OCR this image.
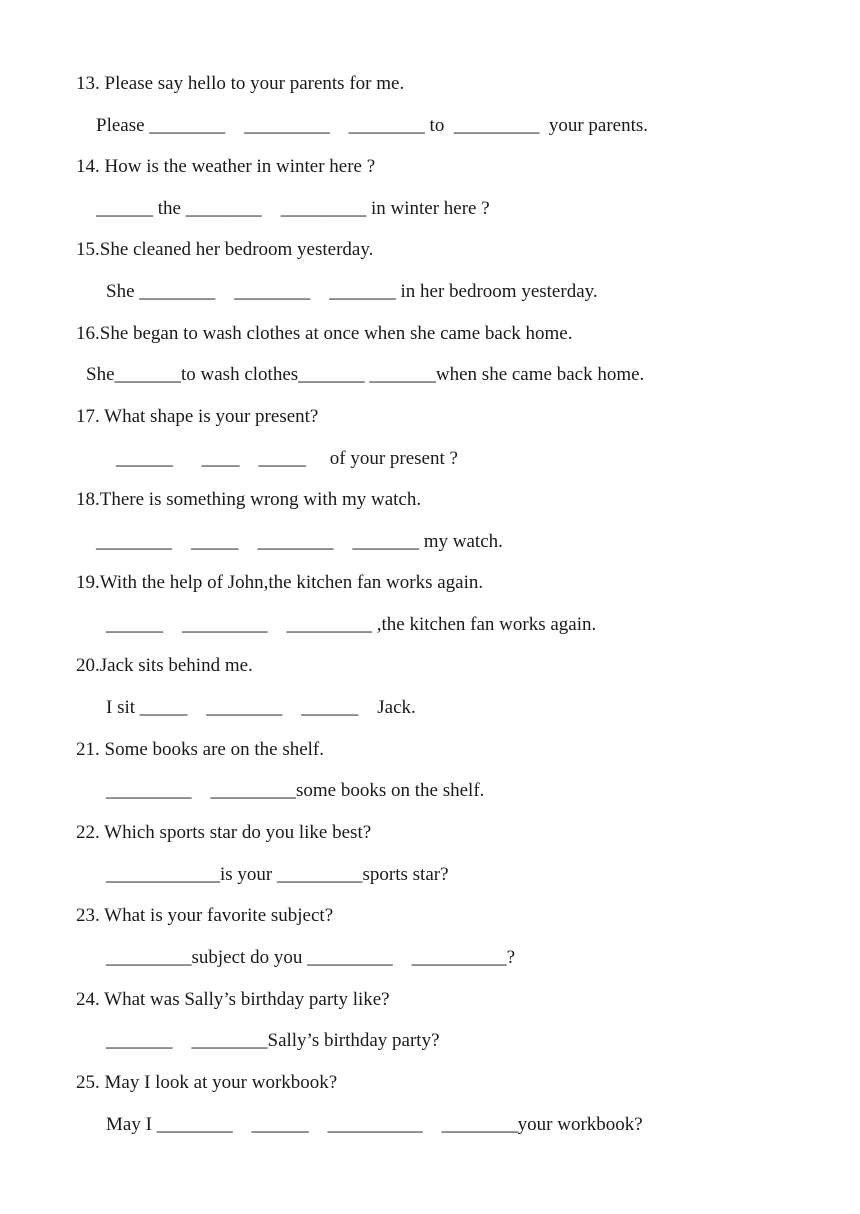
13. Please say hello to your parents for me.
Please ________    _________    ________ to  _________  your parents.
14. How is the weather in winter here ?
______ the ________    _________ in winter here ?
15.She cleaned her bedroom yesterday.
She ________    ________    _______ in her bedroom yesterday.
16.She began to wash clothes at once when she came back home.
She_______to wash clothes_______ _______when she came back home.
17. What shape is your present?
______      ____    _____     of your present ?
18.There is something wrong with my watch.
________    _____    ________    _______ my watch.
19.With the help of John,the kitchen fan works again.
______    _________    _________ ,the kitchen fan works again.
20.Jack sits behind me.
I sit _____    ________    ______    Jack.
21. Some books are on the shelf.
_________    _________some books on the shelf.
22. Which sports star do you like best?
____________is your _________sports star?
23. What is your favorite subject?
_________subject do you _________    __________?
24. What was Sally’s birthday party like?
_______    ________Sally’s birthday party?
25. May I look at your workbook?
May I ________    ______    __________    ________your workbook?
